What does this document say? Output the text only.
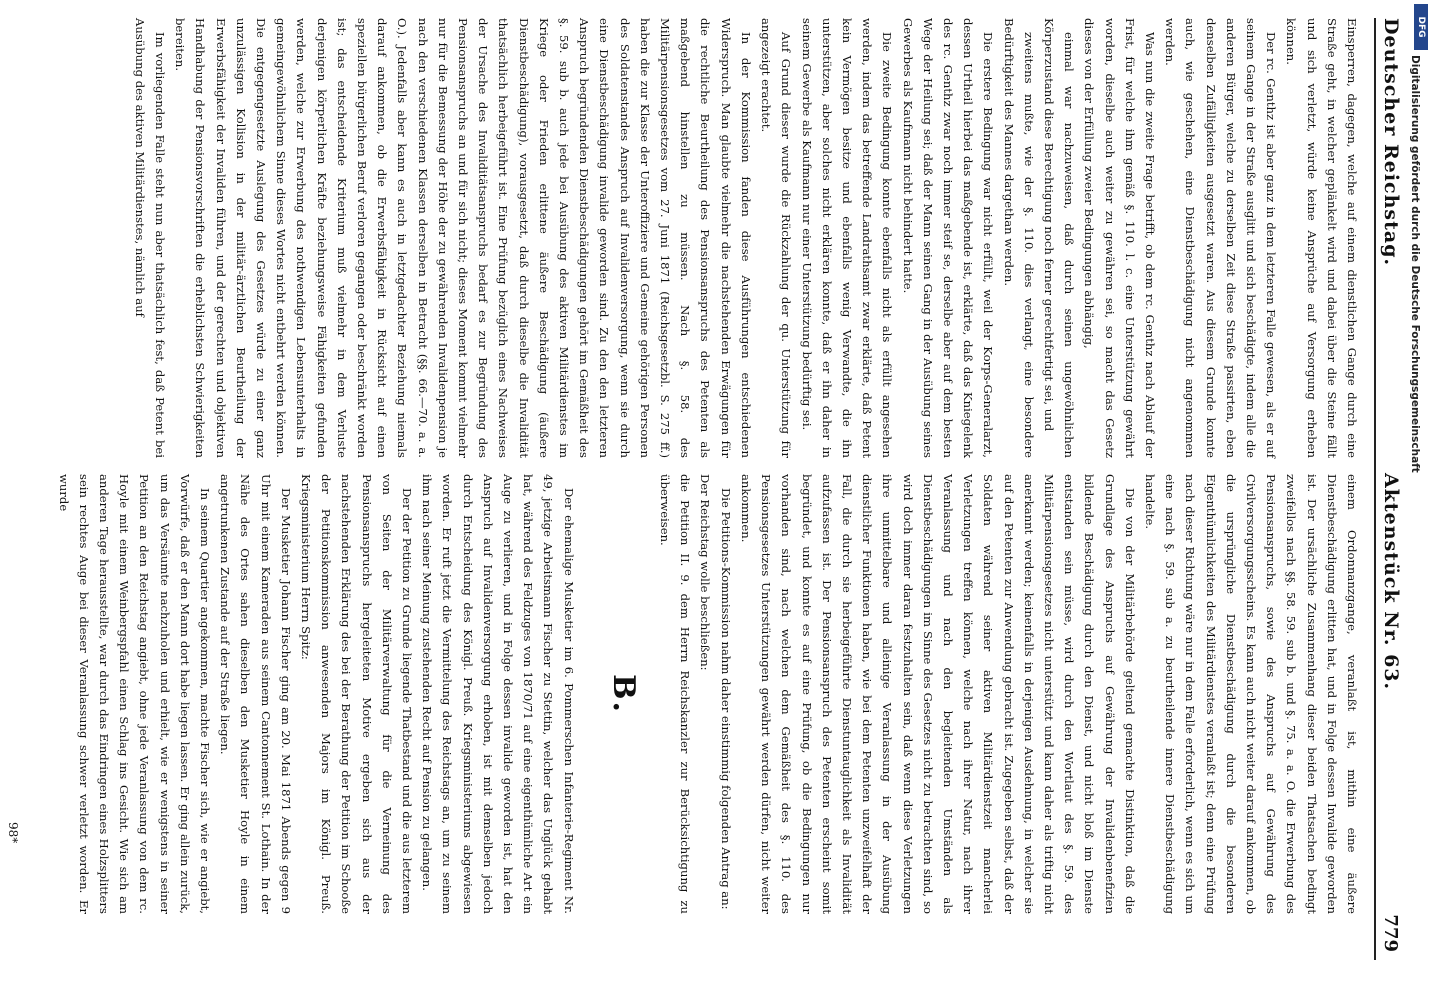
Deutscher Reichstag.
Aktenstück Nr. 63.
779

Einsperren, dagegen, welche auf einem dienstlichen Gange durch eine Straße geht, in welcher geplänkelt wird und dabei über die Steine fällt und sich verletzt, würde keine Ansprüche auf Versorgung erheben können.

Der rc. Genthz ist aber ganz in dem letzteren Falle gewesen, als er auf seinem Gange in der Straße ausglitt und sich beschädigte, indem alle die anderen Bürger, welche zu derselben Zeit diese Straße passirten, eben denselben Zufälligkeiten ausgesetzt waren. Aus diesem Grunde konnte auch, wie geschehen, eine Dienstbeschädigung nicht angenommen werden.

Was nun die zweite Frage betrifft, ob dem rc. Genthz nach Ablauf der Frist, für welche ihm gemäß §. 110. l. c. eine Unterstützung gewährt worden, dieselbe auch weiter zu gewähren sei, so macht das Gesetz dieses von der Erfüllung zweier Bedingungen abhängig,

einmal war nachzuweisen, daß durch seinen ungewöhnlichen Körperzustand diese Berechtigung noch ferner gerechtfertigt sei, und

zweitens mußte, wie der §. 110. dies verlangt, eine besondere Bedürftigkeit des Mannes dargethan werden.

Die erstere Bedingung war nicht erfüllt, weil der Korps-Generalarzt, dessen Urtheil hierbei das maßgebende ist, erklärte, daß das Kniegelenk des rc. Genthz zwar noch immer steif se, derselbe aber auf dem besten Wege der Heilung sei; daß der Mann seinen Gang in der Ausübung seines Gewerbes als Kaufmann nicht behindert hatte.

Die zweite Bedingung konnte ebenfalls nicht als erfüllt angesehen werden, indem das betreffende Landrathsamt zwar erklärte, daß Petent kein Vermögen besitze und ebenfalls wenig Verwandte, die ihn unterstützen, aber solches nicht erklären konnte, daß er ihn daher in seinem Gewerbe als Kaufmann nur einer Unterstützung bedürftig sei.

Auf Grund dieser wurde die Rückzahlung der qu. Unterstützung für angezeigt erachtet.

In der Kommission fanden diese Ausführungen entschiedenen Widerspruch. Man glaubte vielmehr die nachstehenden Erwägungen für die rechtliche Beurtheilung des Pensionsanspruchs des Petenten als maßgebend hinstellen zu müssen. Nach §. 58. des Militärpensionsgesetzes vom 27. Juni 1871 (Reichsgesetzbl. S. 275 ff.) haben die zur Klasse der Unteroffiziere und Gemeine gehörigen Personen des Soldatenstandes Anspruch auf Invalidenversorgung, wenn sie durch eine Dienstbeschädigung invalide geworden sind. Zu den den letzteren Anspruch begründenden Dienstbeschädigungen gehört im Gemäßheit des §. 59. sub b. auch jede bei Ausübung des aktiven Militärdienstes im Kriege oder Frieden erlittene äußere Beschädigung (äußere Dienstbeschädigung), vorausgesetzt, daß durch dieselbe die Invalidität thatsächlich herbeigeführt ist. Eine Prüfung bezüglich eines Nachweises der Ursache des Invaliditätsanspruchs bedarf es zur Begründung des Pensionsanspruchs an und für sich nicht; dieses Moment kommt vielmehr nur für die Bemessung der Höhe der zu gewährenden Invalidenpension je nach den verschiedenen Klassen derselben in Betracht (§§. 66.—70. a. a. O.). Jedenfalls aber kann es auch in letztgedachter Beziehung niemals darauf ankommen, ob die Erwerbsfähigkeit in Rücksicht auf einen speziellen bürgerlichen Beruf verloren gegangen oder beschränkt worden ist; das entscheidende Kriterium muß vielmehr in dem Verluste derjenigen körperlichen Kräfte beziehungsweise Fähigkeiten gefunden werden, welche zur Erwerbung des nothwendigen Lebensunterhalts in gemeingewöhnlichem Sinne dieses Wortes nicht entbehrt werden können. Die entgegengesetzte Auslegung des Gesetzes würde zu einer ganz unzulässigen Kollision in der militär-ärztlichen Beurtheilung der Erwerbsfähigkeit der Invaliden führen, und der gerechten und objektiven Handhabung der Pensionsvorschriften die erheblichsten Schwierigkeiten bereiten.

Im vorliegenden Falle steht nun aber thatsächlich fest, daß Petent bei Ausübung des aktiven Militärdienstes, nämlich auf

einem Ordonnanzgange, veranlaßt ist, mithin eine äußere Dienstbeschädigung erlitten hat, und in Folge dessen Invalide geworden ist. Der ursächliche Zusammenhang dieser beiden Thatsachen bedingt zweifellos nach §§. 58. 59. sub b. und §. 75. a. a. O. die Erwerbung des Pensionsanspruchs, sowie des Anspruchs auf Gewährung des Civilversorgungsscheins. Es kann auch nicht weiter darauf ankommen, ob die ursprüngliche Dienstbeschädigung durch die besonderen Eigenthümlichkeiten des Militärdienstes veranlaßt ist; denn eine Prüfung nach dieser Richtung wäre nur in dem Falle erforderlich, wenn es sich um eine nach §. 59. sub a. zu beurtheilende innere Dienstbeschädigung handelte.

Die von der Militärbehörde geltend gemachte Distinktion, daß die Grundlage des Anspruchs auf Gewährung der Invalidenbenefizien bildende Beschädigung durch den Dienst, und nicht bloß im Dienste entstanden sein müsse, wird durch den Wortlaut des §. 59. des Militärpensionsgesetzes nicht unterstützt und kann daher als triftig nicht anerkannt werden; keinenfalls in derjenigen Ausdehnung, in welcher sie auf den Petenten zur Anwendung gebracht ist. Zugegeben selbst, daß der Soldaten während seiner aktiven Militärdienstzeit mancherlei Verletzungen treffen können, welche nach ihrer Natur, nach ihrer Veranlassung und nach den begleitenden Umständen als Dienstbeschädigungen im Sinne des Gesetzes nicht zu betrachten sind, so wird doch immer daran festzuhalten sein, daß wenn diese Verletzungen ihre unmittelbare und alleinige Veranlassung in der Ausübung dienstlicher Funktionen haben, wie bei dem Petenten unzweifelhaft der Fall, die durch sie herbeigeführte Dienstuntauglichkeit als Invalidität aufzufassen ist. Der Pensionsanspruch des Petenten erscheint somit begründet, und konnte es auf eine Prüfung, ob die Bedingungen nur vorhanden sind, nach welchen dem Gemäßheit des §. 110. des Pensionsgesetzes Unterstützungen gewährt werden dürfen, nicht weiter ankommen.

Die Petitions-Kommission nahm daher einstimmig folgenden Antrag an:

Der Reichstag wolle beschließen:

die Petition II. 9. dem Herrn Reichskanzler zur Berücksichtigung zu überweisen.

B.

Der ehemalige Musketier im 6. Pommerschen Infanterie-Regiment Nr. 49, jetzige Arbeitsmann Fischer zu Stettin, welcher das Unglück gehabt hat, während des Feldzuges von 1870/71 auf eine eigenthümliche Art ein Auge zu verlieren, und in Folge dessen invalide geworden ist, hat den Anspruch auf Invalidenversorgung erhoben, ist mit demselben jedoch durch Entscheidung des Königl. Preuß. Kriegsministeriums abgewiesen worden. Er ruft jetzt die Vermittelung des Reichstags an, um zu seinem ihm nach seiner Meinung zustehenden Recht auf Pension zu gelangen.

Der der Petition zu Grunde liegende Thatbestand und die aus letzterem von Seiten der Militärverwaltung für die Verneinung des Pensionsanspruchs hergeleiteten Motive ergeben sich aus der nachstehenden Erklärung des bei der Berathung der Petition im Schooße der Petitionskommission anwesenden Majors im Königl. Preuß. Kriegsministerium Herrn Spitz:

Der Musketier Johann Fischer ging am 20. Mai 1871 Abends gegen 9 Uhr mit einem Kameraden aus seinem Cantonnement St. Lothain. In der Nähe des Ortes sahen dieselben den Musketier Hoyle in einem angetrunkenen Zustande auf der Straße liegen.

In seinem Quartier angekommen, machte Fischer sich, wie er angiebt, Vorwürfe, daß er den Mann dort habe liegen lassen. Er ging allein zurück, um das Versäumte nachzuholen und erhielt, wie er wenigstens in seiner Petition an den Reichstag angiebt, ohne jede Veranlassung von dem rc. Hoyle mit einem Weinbergspfahl einen Schlag ins Gesicht. Wie sich am anderen Tage herausstellte, war durch das Eindringen eines Holzsplitters sein rechtes Auge bei dieser Veranlassung schwer verletzt worden. Er wurde

98*
DFG
Digitalisierung gefördert durch die Deutsche Forschungsgemeinschaft
